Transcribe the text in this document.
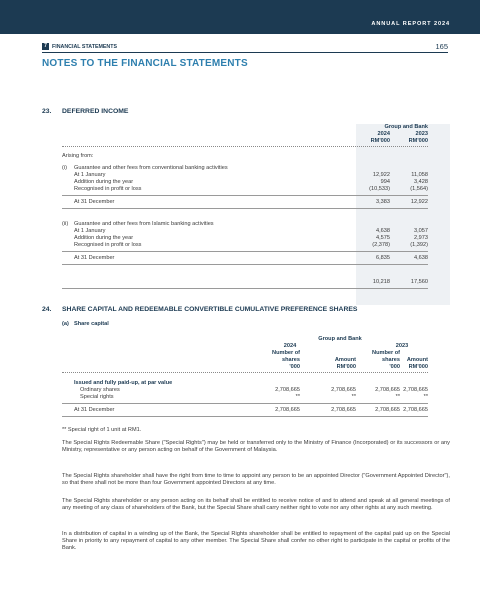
ANNUAL REPORT 2024
7 FINANCIAL STATEMENTS	165
NOTES TO THE FINANCIAL STATEMENTS
23. DEFERRED INCOME
Group and Bank
2024	2023
RM'000	RM'000
Arising from:
(i) Guarantee and other fees from conventional banking activities
At 1 January	12,922	11,058
Addition during the year	994	3,428
Recognised in profit or loss	(10,533)	(1,564)
At 31 December	3,383	12,922
(ii) Guarantee and other fees from Islamic banking activities
At 1 January	4,638	3,057
Addition during the year	4,575	2,973
Recognised in profit or loss	(2,378)	(1,392)
At 31 December	6,835	4,638
10,218	17,560
24. SHARE CAPITAL AND REDEEMABLE CONVERTIBLE CUMULATIVE PREFERENCE SHARES
(a) Share capital
Group and Bank
2024	2023
Number of
shares
'000
Amount
RM'000
Number of
shares
'000
Amount
RM'000
Issued and fully paid-up, at par value
Ordinary shares	2,708,665	2,708,665	2,708,665 2,708,665
Special rights	**	**	**	**
At 31 December	2,708,665	2,708,665	2,708,665 2,708,665
** Special right of 1 unit at RM1.
The Special Rights Redeemable Share ("Special Rights") may be held or transferred only to the Ministry of Finance (Incorporated) or its successors or any Ministry, representative or any person acting on behalf of the Government of Malaysia.
The Special Rights shareholder shall have the right from time to time to appoint any person to be an appointed Director ("Government Appointed Director"), so that there shall not be more than four Government appointed Directors at any time.
The Special Rights shareholder or any person acting on its behalf shall be entitled to receive notice of and to attend and speak at all general meetings of any meeting of any class of shareholders of the Bank, but the Special Share shall carry neither right to vote nor any other rights at any such meeting.
In a distribution of capital in a winding up of the Bank, the Special Rights shareholder shall be entitled to repayment of the capital paid up on the Special Share in priority to any repayment of capital to any other member. The Special Share shall confer no other right to participate in the capital or profits of the Bank.
